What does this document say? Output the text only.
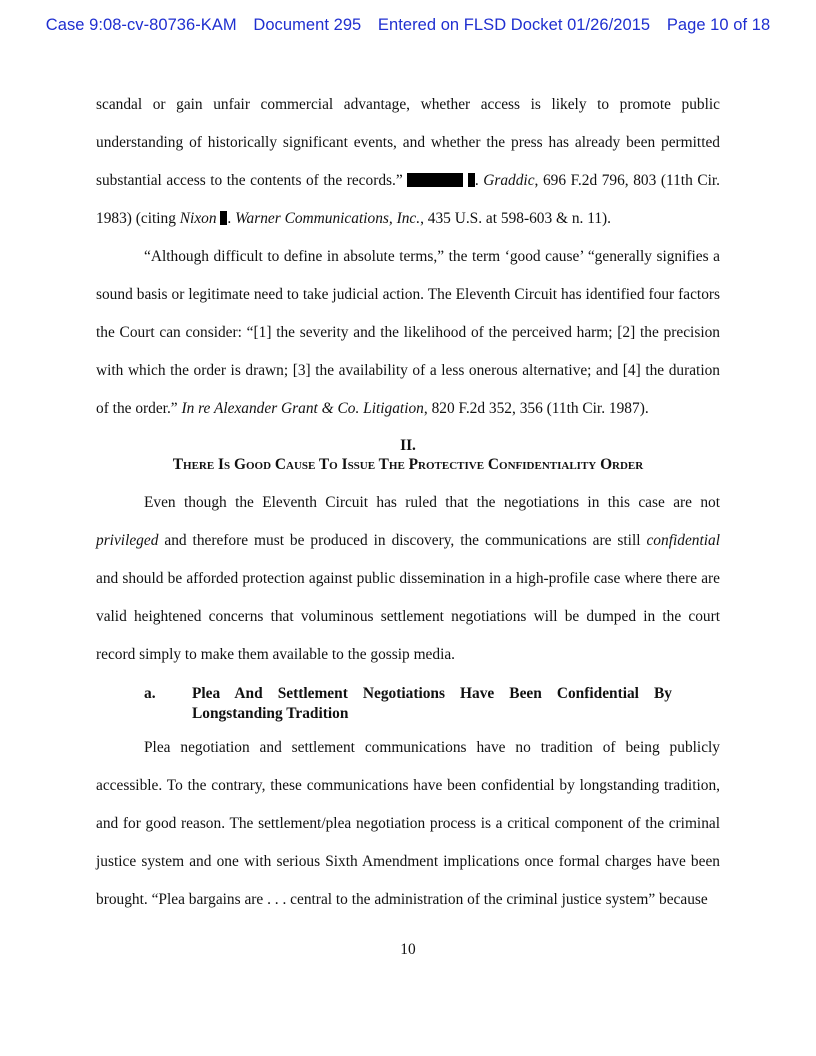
Case 9:08-cv-80736-KAM Document 295 Entered on FLSD Docket 01/26/2015 Page 10 of 18

scandal or gain unfair commercial advantage, whether access is likely to promote public understanding of historically significant events, and whether the press has already been permitted substantial access to the contents of the records.”	. Graddic, 696 F.2d 796, 803 (11th Cir. 1983) (citing Nixon . Warner Communications, Inc., 435 U.S. at 598-603 & n. 11).

“Although difficult to define in absolute terms,” the term ‘good cause’ “generally signifies a sound basis or legitimate need to take judicial action. The Eleventh Circuit has identified four factors the Court can consider: “[1] the severity and the likelihood of the perceived harm; [2] the precision with which the order is drawn; [3] the availability of a less onerous alternative; and [4] the duration of the order.” In re Alexander Grant & Co. Litigation, 820 F.2d 352, 356 (11th Cir. 1987).

II.
There Is Good Cause To Issue The Protective Confidentiality Order

Even though the Eleventh Circuit has ruled that the negotiations in this case are not privileged and therefore must be produced in discovery, the communications are still confidential and should be afforded protection against public dissemination in a high-profile case where there are valid heightened concerns that voluminous settlement negotiations will be dumped in the court record simply to make them available to the gossip media.

a. Plea And Settlement Negotiations Have Been Confidential By Longstanding Tradition

Plea negotiation and settlement communications have no tradition of being publicly accessible. To the contrary, these communications have been confidential by longstanding tradition, and for good reason. The settlement/plea negotiation process is a critical component of the criminal justice system and one with serious Sixth Amendment implications once formal charges have been brought. “Plea bargains are . . . central to the administration of the criminal justice system” because

10
